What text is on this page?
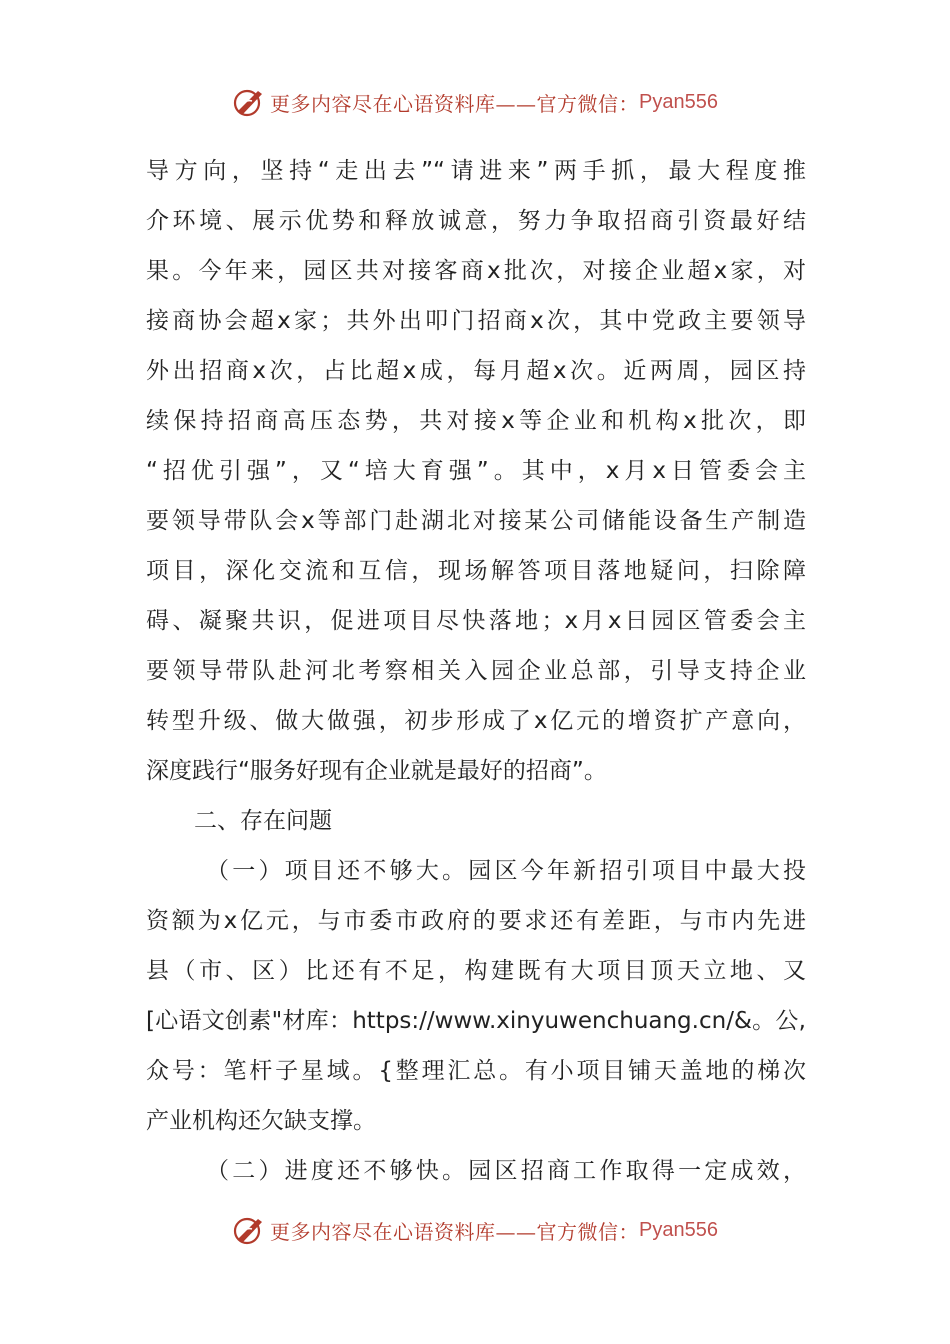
更多内容尽在心语资料库——官方微信： Pyan556
导方向，坚持“走出去”“请进来”两手抓，最大程度推
介环境、展示优势和释放诚意，努力争取招商引资最好结
果。今年来，园区共对接客商x批次，对接企业超x家，对
接商协会超x家；共外出叩门招商x次，其中党政主要领导
外出招商x次，占比超x成，每月超x次。近两周，园区持
续保持招商高压态势，共对接x等企业和机构x批次，即
“招优引强”，又“培大育强”。其中，x月x日管委会主
要领导带队会x等部门赴湖北对接某公司储能设备生产制造
项目，深化交流和互信，现场解答项目落地疑问，扫除障
碍、凝聚共识，促进项目尽快落地；x月x日园区管委会主
要领导带队赴河北考察相关入园企业总部，引导支持企业
转型升级、做大做强，初步形成了x亿元的增资扩产意向，
深度践行“服务好现有企业就是最好的招商”。
二、存在问题
（一）项目还不够大。园区今年新招引项目中最大投
资额为x亿元，与市委市政府的要求还有差距，与市内先进
县（市、区）比还有不足，构建既有大项目顶天立地、又
[心语文创素"材库：https://www.xinyuwenchuang.cn/&。公,
众号：笔杆子星域。{整理汇总。有小项目铺天盖地的梯次
产业机构还欠缺支撑。
（二）进度还不够快。园区招商工作取得一定成效，
更多内容尽在心语资料库——官方微信： Pyan556
